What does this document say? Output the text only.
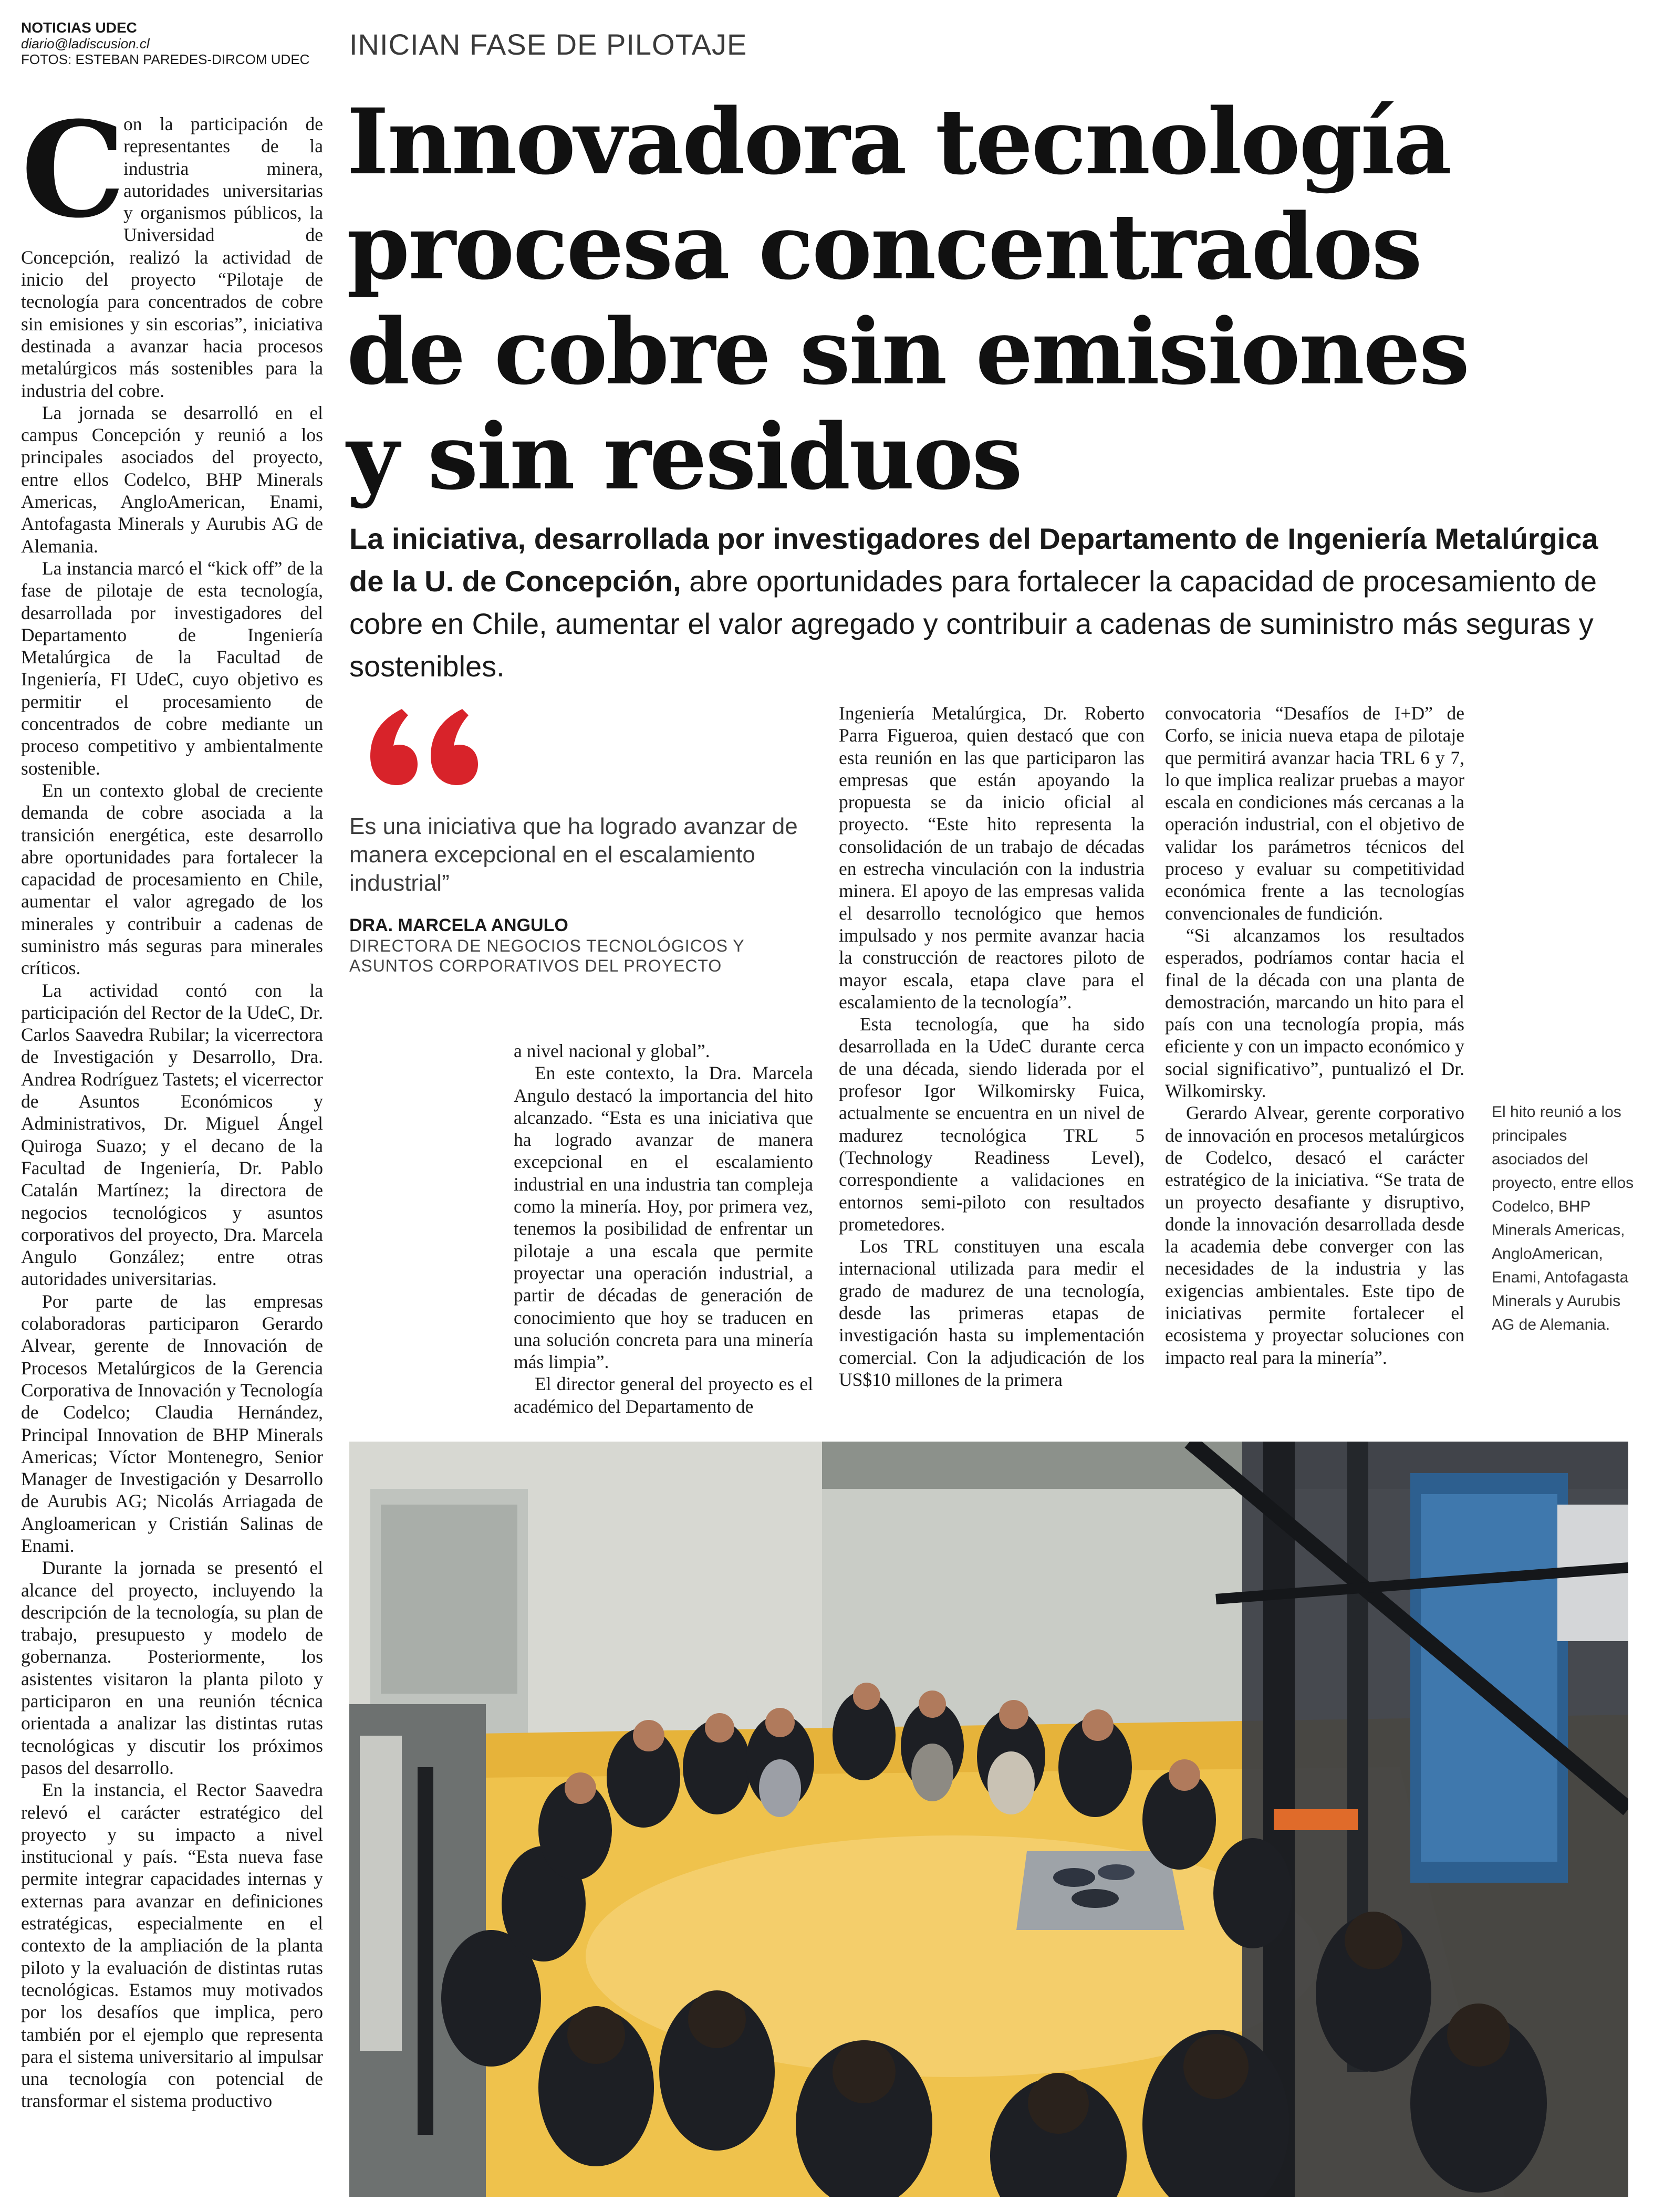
NOTICIAS UDEC
diario@ladiscusion.cl
FOTOS: ESTEBAN PAREDES-DIRCOM UDEC	INICIAN FASE DE PILOTAJE
Innovadora tecnología
procesa concentrados
de cobre sin emisiones
y sin residuos
La iniciativa, desarrollada por investigadores del Departamento de Ingeniería Metalúrgica de la U. de Concepción, abre oportunidades para fortalecer la capacidad de procesamiento de cobre en Chile, aumentar el valor agregado y contribuir a cadenas de suministro más seguras y sostenibles.
C

on la participación de representantes de la industria minera, autoridades universitarias y organismos públicos, la Universidad de Concepción, realizó la actividad de inicio del proyecto “Pilotaje de tecnología para concentrados de cobre sin emisiones y sin escorias”, iniciativa destinada a avanzar hacia procesos metalúrgicos más sostenibles para la industria del cobre.

La jornada se desarrolló en el campus Concepción y reunió a los principales asociados del proyecto, entre ellos Codelco, BHP Minerals Americas, AngloAmerican, Enami, Antofagasta Minerals y Aurubis AG de Alemania.

La instancia marcó el “kick off” de la fase de pilotaje de esta tecnología, desarrollada por investigadores del Departamento de Ingeniería Metalúrgica de la Facultad de Ingeniería, FI UdeC, cuyo objetivo es permitir el procesamiento de concentrados de cobre mediante un proceso competitivo y ambientalmente sostenible.

En un contexto global de creciente demanda de cobre asociada a la transición energética, este desarrollo abre oportunidades para fortalecer la capacidad de procesamiento en Chile, aumentar el valor agregado de los minerales y contribuir a cadenas de suministro más seguras para minerales críticos.

La actividad contó con la participación del Rector de la UdeC, Dr. Carlos Saavedra Rubilar; la vicerrectora de Investigación y Desarrollo, Dra. Andrea Rodríguez Tastets; el vicerrector de Asuntos Económicos y Administrativos, Dr. Miguel Ángel Quiroga Suazo; y el decano de la Facultad de Ingeniería, Dr. Pablo Catalán Martínez; la directora de negocios tecnológicos y asuntos corporativos del proyecto, Dra. Marcela Angulo González; entre otras autoridades universitarias.

Por parte de las empresas colaboradoras participaron Gerardo Alvear, gerente de Innovación de Procesos Metalúrgicos de la Gerencia Corporativa de Innovación y Tecnología de Codelco; Claudia Hernández, Principal Innovation de BHP Minerals Americas; Víctor Montenegro, Senior Manager de Investigación y Desarrollo de Aurubis AG; Nicolás Arriagada de Angloamerican y Cristián Salinas de Enami.

Durante la jornada se presentó el alcance del proyecto, incluyendo la descripción de la tecnología, su plan de trabajo, presupuesto y modelo de gobernanza. Posteriormente, los asistentes visitaron la planta piloto y participaron en una reunión técnica orientada a analizar las distintas rutas tecnológicas y discutir los próximos pasos del desarrollo.

En la instancia, el Rector Saavedra relevó el carácter estratégico del proyecto y su impacto a nivel institucional y país. “Esta nueva fase permite integrar capacidades internas y externas para avanzar en definiciones estratégicas, especialmente en el contexto de la ampliación de la planta piloto y la evaluación de distintas rutas tecnológicas. Estamos muy motivados por los desafíos que implica, pero también por el ejemplo que representa para el sistema universitario al impulsar una tecnología con potencial de transformar el sistema productivo

Es una iniciativa que ha logrado avanzar de manera excepcional en el escalamiento industrial”
DRA. MARCELA ANGULO
DIRECTORA DE NEGOCIOS TECNOLÓGICOS Y ASUNTOS CORPORATIVOS DEL PROYECTO

a nivel nacional y global”.

En este contexto, la Dra. Marcela Angulo destacó la importancia del hito alcanzado. “Esta es una iniciativa que ha logrado avanzar de manera excepcional en el escalamiento industrial en una industria tan compleja como la minería. Hoy, por primera vez, tenemos la posibilidad de enfrentar un pilotaje a una escala que permite proyectar una operación industrial, a partir de décadas de generación de conocimiento que hoy se traducen en una solución concreta para una minería más limpia”.

El director general del proyecto es el académico del Departamento de

Ingeniería Metalúrgica, Dr. Roberto Parra Figueroa, quien destacó que con esta reunión en las que participaron las empresas que están apoyando la propuesta se da inicio oficial al proyecto. “Este hito representa la consolidación de un trabajo de décadas en estrecha vinculación con la industria minera. El apoyo de las empresas valida el desarrollo tecnológico que hemos impulsado y nos permite avanzar hacia la construcción de reactores piloto de mayor escala, etapa clave para el escalamiento de la tecnología”.

Esta tecnología, que ha sido desarrollada en la UdeC durante cerca de una década, siendo liderada por el profesor Igor Wilkomirsky Fuica, actualmente se encuentra en un nivel de madurez tecnológica TRL 5 (Technology Readiness Level), correspondiente a validaciones en entornos semi-piloto con resultados prometedores.

Los TRL constituyen una escala internacional utilizada para medir el grado de madurez de una tecnología, desde las primeras etapas de investigación hasta su implementación comercial. Con la adjudicación de los US$10 millones de la primera

convocatoria “Desafíos de I+D” de Corfo, se inicia nueva etapa de pilotaje que permitirá avanzar hacia TRL 6 y 7, lo que implica realizar pruebas a mayor escala en condiciones más cercanas a la operación industrial, con el objetivo de validar los parámetros técnicos del proceso y evaluar su competitividad económica frente a las tecnologías convencionales de fundición.

“Si alcanzamos los resultados esperados, podríamos contar hacia el final de la década con una planta de demostración, marcando un hito para el país con una tecnología propia, más eficiente y con un impacto económico y social significativo”, puntualizó el Dr. Wilkomirsky.

Gerardo Alvear, gerente corporativo de innovación en procesos metalúrgicos de Codelco, desacó el carácter estratégico de la iniciativa. “Se trata de un proyecto desafiante y disruptivo, donde la innovación desarrollada desde la academia debe converger con las necesidades de la industria y las exigencias ambientales. Este tipo de iniciativas permite fortalecer el ecosistema y proyectar soluciones con impacto real para la minería”.

El hito reunió a los principales asociados del proyecto, entre ellos Codelco, BHP Minerals Americas, AngloAmerican, Enami, Antofagasta Minerals y Aurubis AG de Alemania.
